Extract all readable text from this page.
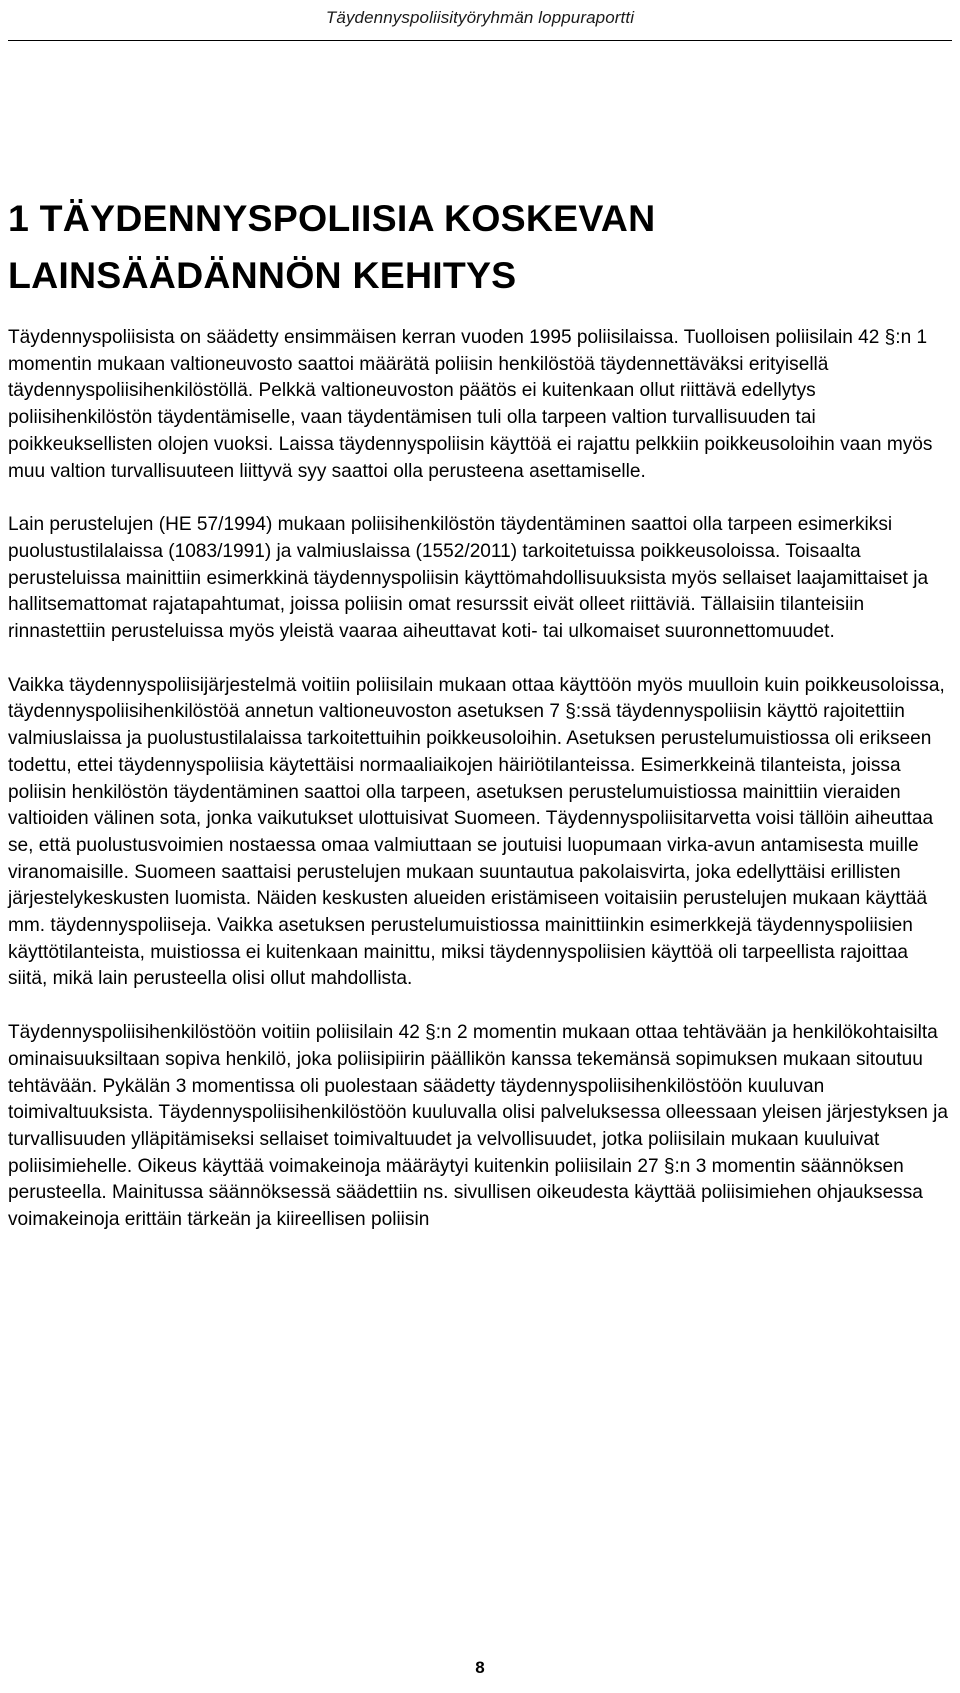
Täydennyspoliisityöryhmän loppuraportti
1 TÄYDENNYSPOLIISIA KOSKEVAN LAINSÄÄDÄNNÖN KEHITYS

Täydennyspoliisista on säädetty ensimmäisen kerran vuoden 1995 poliisilaissa. Tuolloisen poliisilain 42 §:n 1 momentin mukaan valtioneuvosto saattoi määrätä poliisin henkilöstöä täydennettäväksi erityisellä täydennyspoliisihenkilöstöllä. Pelkkä valtioneuvoston päätös ei kuitenkaan ollut riittävä edellytys poliisihenkilöstön täydentämiselle, vaan täydentämisen tuli olla tarpeen valtion turvallisuuden tai poikkeuksellisten olojen vuoksi. Laissa täydennyspoliisin käyttöä ei rajattu pelkkiin poikkeusoloihin vaan myös muu valtion turvallisuuteen liittyvä syy saattoi olla perusteena asettamiselle.

Lain perustelujen (HE 57/1994) mukaan poliisihenkilöstön täydentäminen saattoi olla tarpeen esimerkiksi puolustustilalaissa (1083/1991) ja valmiuslaissa (1552/2011) tarkoitetuissa poikkeusoloissa. Toisaalta perusteluissa mainittiin esimerkkinä täydennyspoliisin käyttömahdollisuuksista myös sellaiset laajamittaiset ja hallitsemattomat rajatapahtumat, joissa poliisin omat resurssit eivät olleet riittäviä. Tällaisiin tilanteisiin rinnastettiin perusteluissa myös yleistä vaaraa aiheuttavat koti- tai ulkomaiset suuronnettomuudet.

Vaikka täydennyspoliisijärjestelmä voitiin poliisilain mukaan ottaa käyttöön myös muulloin kuin poikkeusoloissa, täydennyspoliisihenkilöstöä annetun valtioneuvoston asetuksen 7 §:ssä täydennyspoliisin käyttö rajoitettiin valmiuslaissa ja puolustustilalaissa tarkoitettuihin poikkeusoloihin. Asetuksen perustelumuistiossa oli erikseen todettu, ettei täydennyspoliisia käytettäisi normaaliaikojen häiriötilanteissa. Esimerkkeinä tilanteista, joissa poliisin henkilöstön täydentäminen saattoi olla tarpeen, asetuksen perustelumuistiossa mainittiin vieraiden valtioiden välinen sota, jonka vaikutukset ulottuisivat Suomeen. Täydennyspoliisitarvetta voisi tällöin aiheuttaa se, että puolustusvoimien nostaessa omaa valmiuttaan se joutuisi luopumaan virka-avun antamisesta muille viranomaisille. Suomeen saattaisi perustelujen mukaan suuntautua pakolaisvirta, joka edellyttäisi erillisten järjestelykeskusten luomista. Näiden keskusten alueiden eristämiseen voitaisiin perustelujen mukaan käyttää mm. täydennyspoliiseja. Vaikka asetuksen perustelumuistiossa mainittiinkin esimerkkejä täydennyspoliisien käyttötilanteista, muistiossa ei kuitenkaan mainittu, miksi täydennyspoliisien käyttöä oli tarpeellista rajoittaa siitä, mikä lain perusteella olisi ollut mahdollista.

Täydennyspoliisihenkilöstöön voitiin poliisilain 42 §:n 2 momentin mukaan ottaa tehtävään ja henkilökohtaisilta ominaisuuksiltaan sopiva henkilö, joka poliisipiirin päällikön kanssa tekemänsä sopimuksen mukaan sitoutuu tehtävään. Pykälän 3 momentissa oli puolestaan säädetty täydennyspoliisihenkilöstöön kuuluvan toimivaltuuksista. Täydennyspoliisihenkilöstöön kuuluvalla olisi palveluksessa olleessaan yleisen järjestyksen ja turvallisuuden ylläpitämiseksi sellaiset toimivaltuudet ja velvollisuudet, jotka poliisilain mukaan kuuluivat poliisimiehelle. Oikeus käyttää voimakeinoja määräytyi kuitenkin poliisilain 27 §:n 3 momentin säännöksen perusteella. Mainitussa säännöksessä säädettiin ns. sivullisen oikeudesta käyttää poliisimiehen ohjauksessa voimakeinoja erittäin tärkeän ja kiireellisen poliisin

8
